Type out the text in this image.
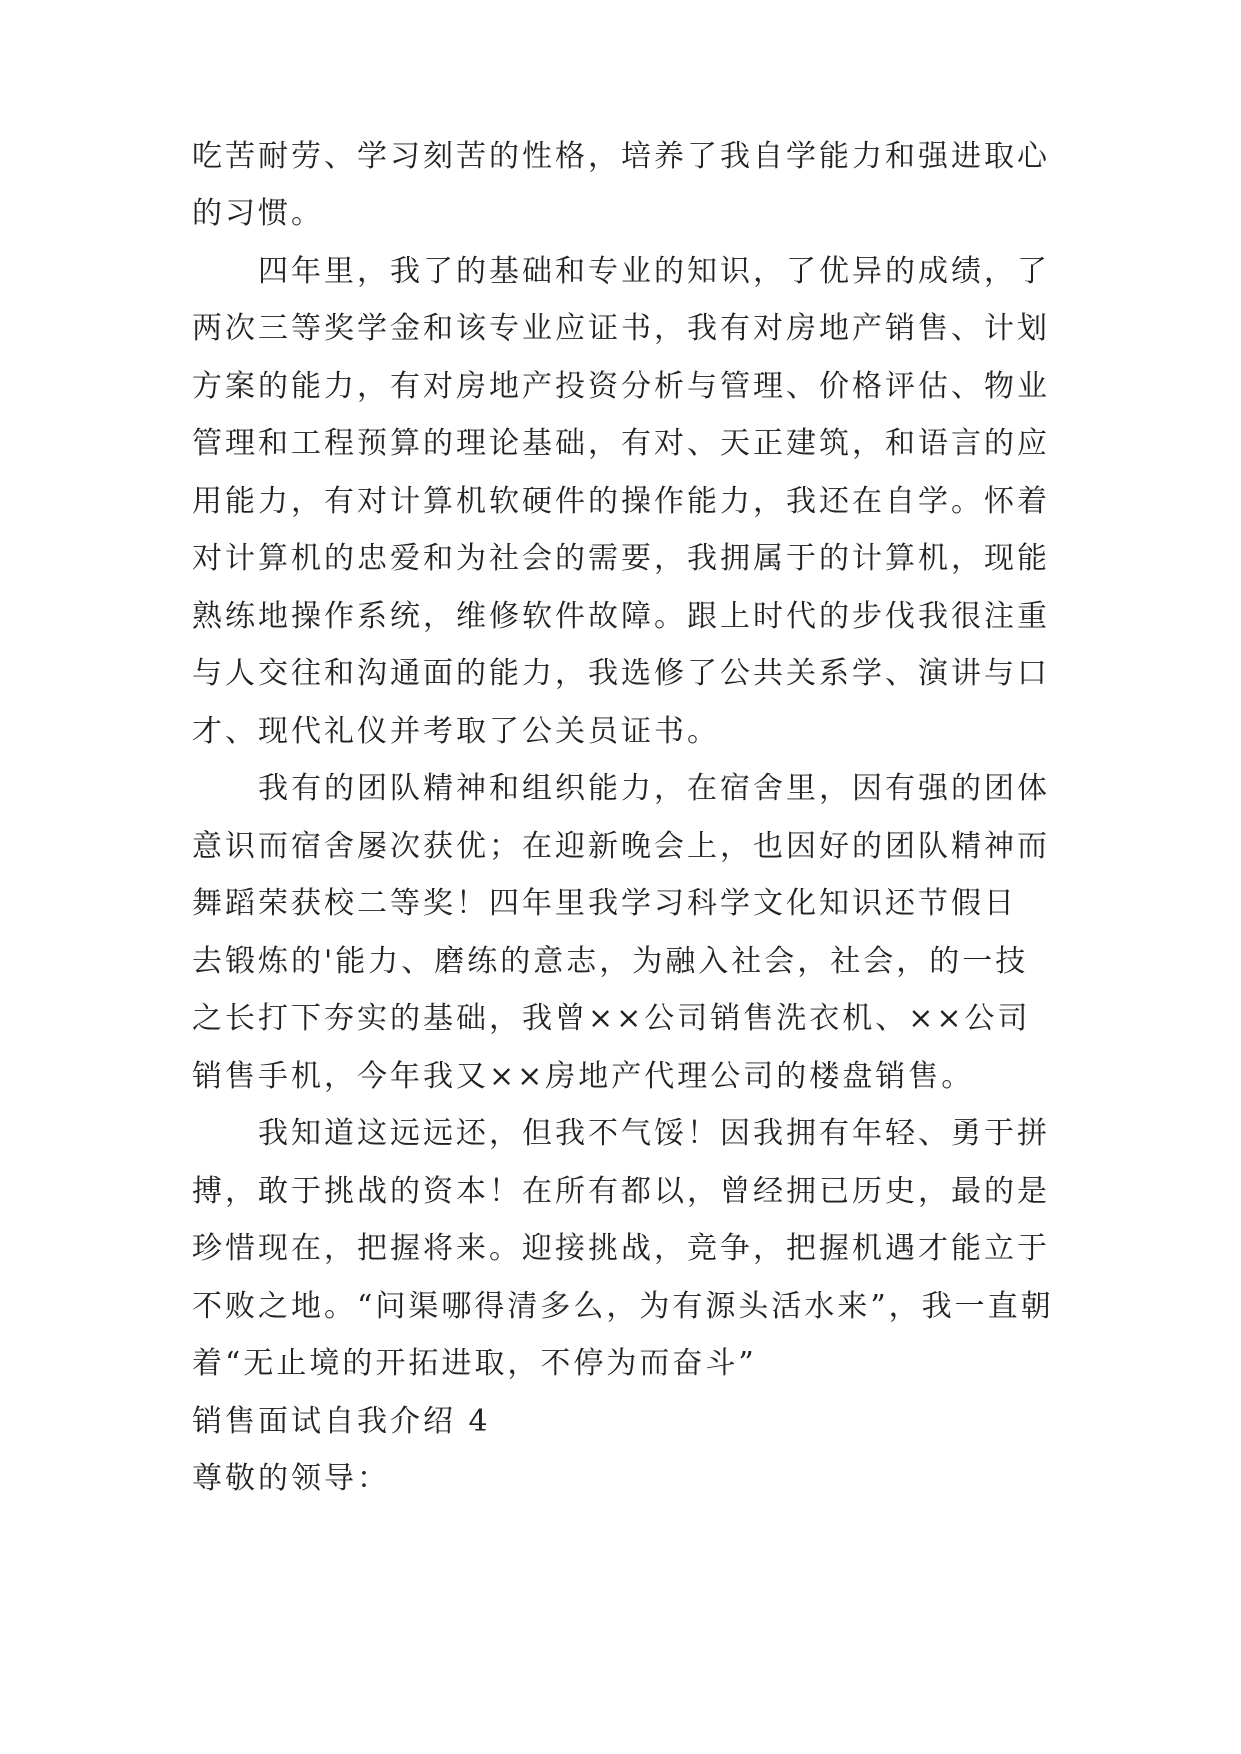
吃苦耐劳、学习刻苦的性格，培养了我自学能力和强进取心
的习惯。
四年里，我了的基础和专业的知识，了优异的成绩，了
两次三等奖学金和该专业应证书，我有对房地产销售、计划
方案的能力，有对房地产投资分析与管理、价格评估、物业
管理和工程预算的理论基础，有对、天正建筑，和语言的应
用能力，有对计算机软硬件的操作能力，我还在自学。怀着
对计算机的忠爱和为社会的需要，我拥属于的计算机，现能
熟练地操作系统，维修软件故障。跟上时代的步伐我很注重
与人交往和沟通面的能力，我选修了公共关系学、演讲与口
才、现代礼仪并考取了公关员证书。
我有的团队精神和组织能力，在宿舍里，因有强的团体
意识而宿舍屡次获优；在迎新晚会上，也因好的团队精神而
舞蹈荣获校二等奖！四年里我学习科学文化知识还节假日
去锻炼的'能力、磨练的意志，为融入社会，社会，的一技
之长打下夯实的基础，我曾××公司销售洗衣机、××公司
销售手机，今年我又××房地产代理公司的楼盘销售。
我知道这远远还，但我不气馁！因我拥有年轻、勇于拼
搏，敢于挑战的资本！在所有都以，曾经拥已历史，最的是
珍惜现在，把握将来。迎接挑战，竞争，把握机遇才能立于
不败之地。“问渠哪得清多么，为有源头活水来”，我一直朝
着“无止境的开拓进取，不停为而奋斗”
销售面试自我介绍 4
尊敬的领导：
